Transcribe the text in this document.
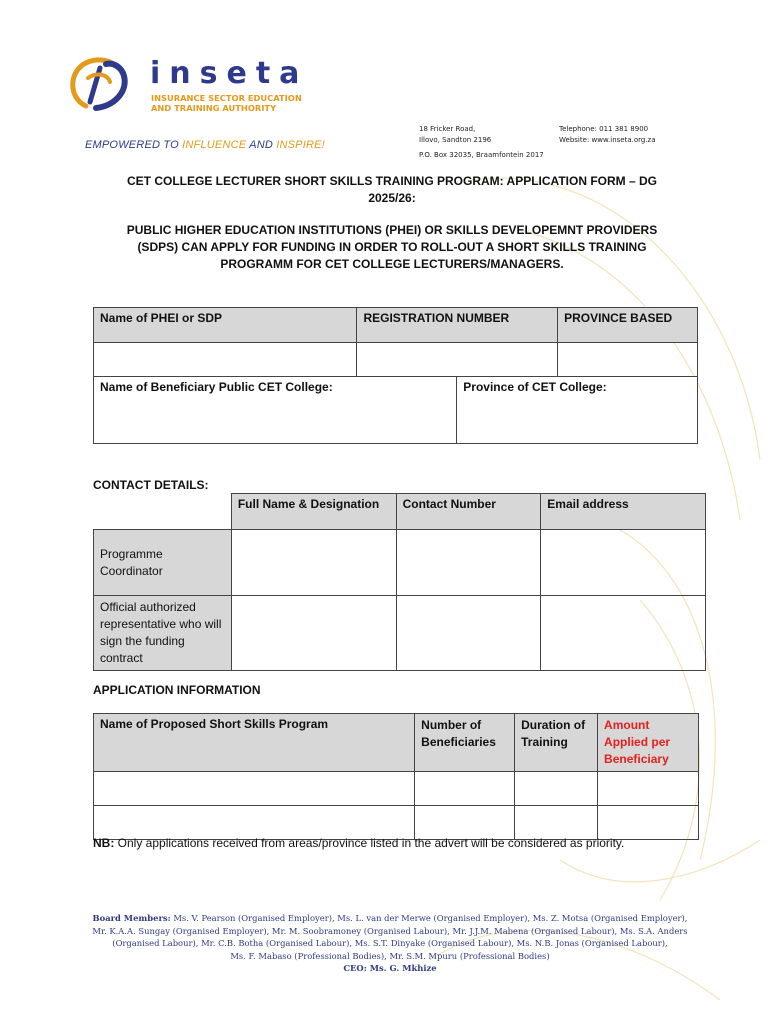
inseta
INSURANCE SECTOR EDUCATION
AND TRAINING AUTHORITY
EMPOWERED TO INFLUENCE AND INSPIRE!
18 Fricker Road,
Illovo, Sandton 2196
P.O. Box 32035, Braamfontein 2017
Telephone: 011 381 8900
Website: www.inseta.org.za
CET COLLEGE LECTURER SHORT SKILLS TRAINING PROGRAM: APPLICATION FORM – DG
2025/26:
PUBLIC HIGHER EDUCATION INSTITUTIONS (PHEI) OR SKILLS DEVELOPEMNT PROVIDERS
(SDPS) CAN APPLY FOR FUNDING IN ORDER TO ROLL-OUT A SHORT SKILLS TRAINING
PROGRAMM FOR CET COLLEGE LECTURERS/MANAGERS.
Name of PHEI or SDP	REGISTRATION NUMBER		PROVINCE BASED

Name of Beneficiary Public CET College:		Province of CET College:	
CONTACT DETAILS:
	Full Name & Designation	Contact Number	Email address
Programme Coordinator			
Official authorized representative who will sign the funding contract			
APPLICATION INFORMATION
Name of Proposed Short Skills Program	Number of Beneficiaries	Duration of Training	Amount Applied per Beneficiary

NB: Only applications received from areas/province listed in the advert will be considered as priority.
Board Members: Ms. V. Pearson (Organised Employer), Ms. L. van der Merwe (Organised Employer), Ms. Z. Motsa (Organised Employer),
Mr. K.A.A. Sungay (Organised Employer), Mr. M. Soobramoney (Organised Labour), Mr. J.J.M. Mabena (Organised Labour), Ms. S.A. Anders
(Organised Labour), Mr. C.B. Botha (Organised Labour), Ms. S.T. Dinyake (Organised Labour), Ms. N.B. Jonas (Organised Labour),
Ms. F. Mabaso (Professional Bodies), Mr. S.M. Mpuru (Professional Bodies)
CEO: Ms. G. Mkhize
